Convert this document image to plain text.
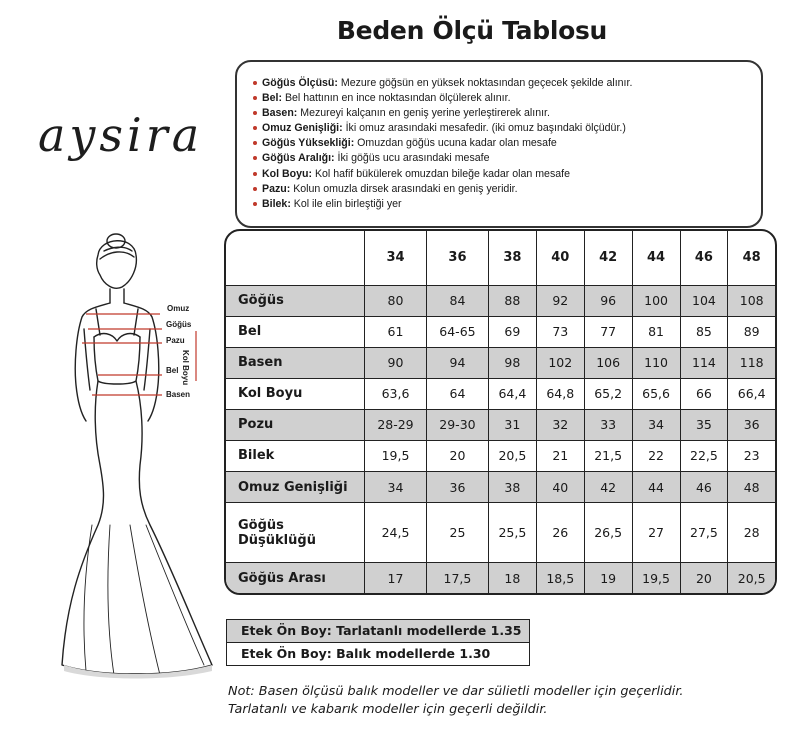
Beden Ölçü Tablosu
aysira
Göğüs Ölçüsü: Mezure göğsün en yüksek noktasından geçecek şekilde alınır.
Bel: Bel hattının en ince noktasından ölçülerek alınır.
Basen: Mezureyi kalçanın en geniş yerine yerleştirerek alınır.
Omuz Genişliği: İki omuz arasındaki mesafedir. (iki omuz başındaki ölçüdür.)
Göğüs Yüksekliği: Omuzdan göğüs ucuna kadar olan mesafe
Göğüs Aralığı: İki göğüs ucu arasındaki mesafe
Kol Boyu: Kol hafif bükülerek omuzdan bileğe kadar olan mesafe
Pazu: Kolun omuzla dirsek arasındaki en geniş yeridir.
Bilek: Kol ile elin birleştiği yer
Omuz
Göğüs
Pazu
Bel
Basen
Kol Boyu
	34	36	38	40	42	44	46	48
Göğüs	80	84	88	92	96	100	104	108
Bel	61	64-65	69	73	77	81	85	89
Basen	90	94	98	102	106	110	114	118
Kol Boyu	63,6	64	64,4	64,8	65,2	65,6	66	66,4
Pozu	28-29	29-30	31	32	33	34	35	36
Bilek	19,5	20	20,5	21	21,5	22	22,5	23
Omuz Genişliği	34	36	38	40	42	44	46	48
Göğüs Düşüklüğü	24,5	25	25,5	26	26,5	27	27,5	28
Göğüs Arası	17	17,5	18	18,5	19	19,5	20	20,5
Etek Ön Boy: Tarlatanlı modellerde 1.35
Etek Ön Boy: Balık modellerde 1.30
Not: Basen ölçüsü balık modeller ve dar sülietli modeller için geçerlidir.
Tarlatanlı ve kabarık modeller için geçerli değildir.
